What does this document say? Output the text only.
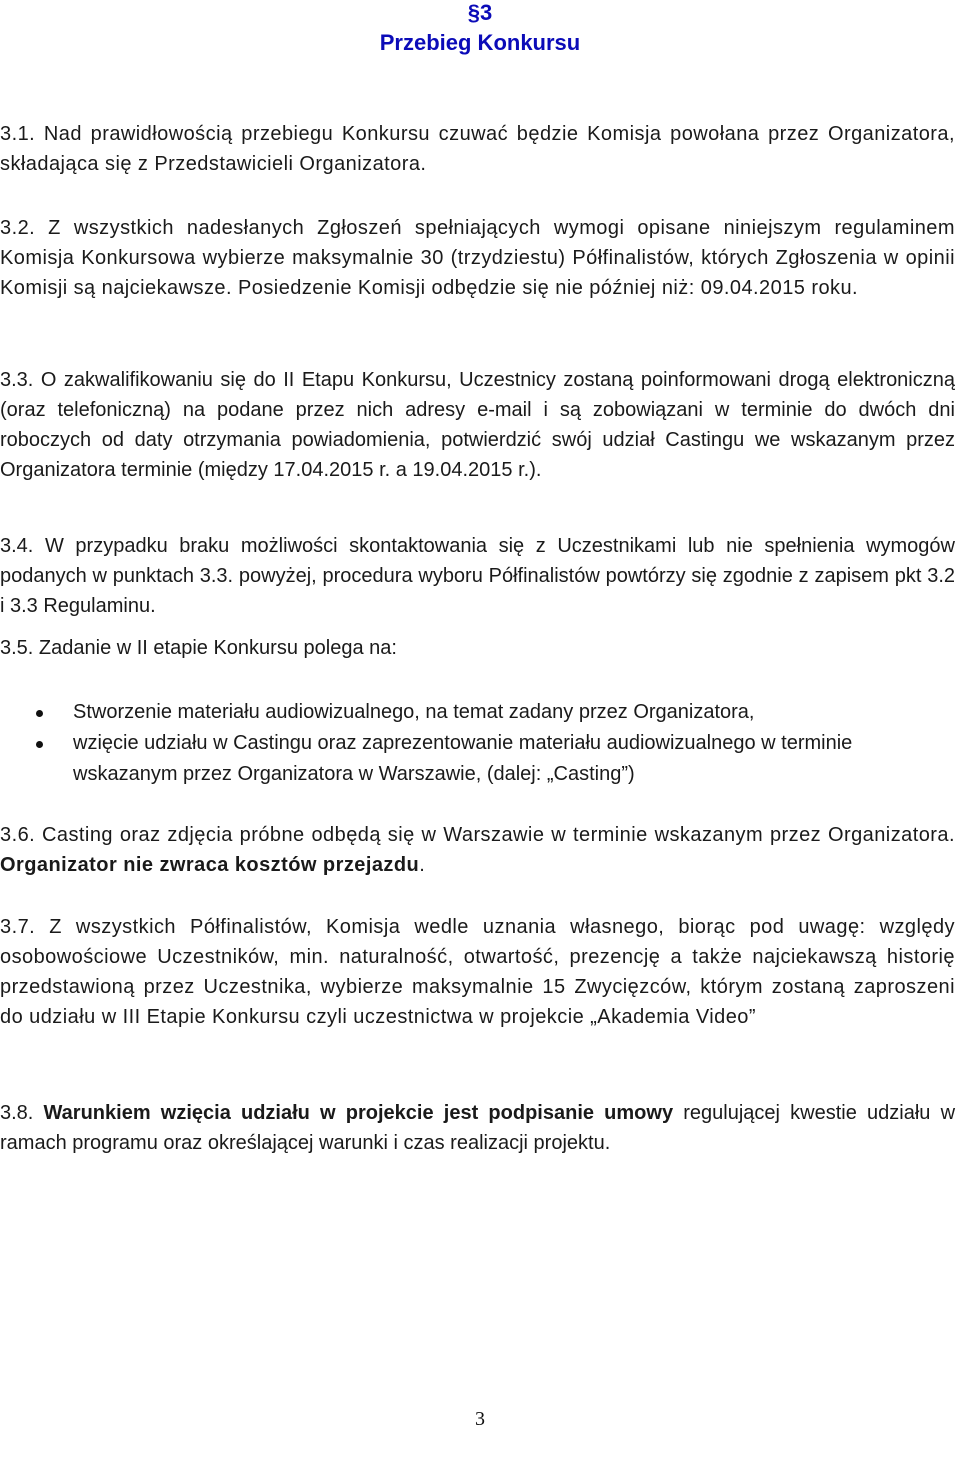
§3
Przebieg Konkursu

3.1. Nad prawidłowością przebiegu Konkursu czuwać będzie Komisja powołana przez Organizatora, składająca się z Przedstawicieli Organizatora.

3.2. Z wszystkich nadesłanych Zgłoszeń spełniających wymogi opisane niniejszym regulaminem Komisja Konkursowa wybierze maksymalnie 30 (trzydziestu) Półfinalistów, których Zgłoszenia w opinii Komisji są najciekawsze. Posiedzenie Komisji odbędzie się nie później niż: 09.04.2015 roku.

3.3. O zakwalifikowaniu się do II Etapu Konkursu, Uczestnicy zostaną poinformowani drogą elektroniczną (oraz telefoniczną) na podane przez nich adresy e-mail i są zobowiązani w terminie do dwóch dni roboczych od daty otrzymania powiadomienia, potwierdzić swój udział Castingu we wskazanym przez Organizatora terminie (między 17.04.2015 r. a 19.04.2015 r.).

3.4. W przypadku braku możliwości skontaktowania się z Uczestnikami lub nie spełnienia wymogów podanych w punktach 3.3. powyżej, procedura wyboru Półfinalistów powtórzy się zgodnie z zapisem pkt 3.2 i 3.3 Regulaminu.

3.5. Zadanie w II etapie Konkursu polega na:

Stworzenie materiału audiowizualnego, na temat zadany przez Organizatora,
wzięcie udziału w Castingu oraz zaprezentowanie materiału audiowizualnego w terminie wskazanym przez Organizatora w Warszawie, (dalej: „Casting”)

3.6. Casting oraz zdjęcia próbne odbędą się w Warszawie w terminie wskazanym przez Organizatora. Organizator nie zwraca kosztów przejazdu.

3.7. Z wszystkich Półfinalistów, Komisja wedle uznania własnego, biorąc pod uwagę: względy osobowościowe Uczestników, min. naturalność, otwartość, prezencję a także najciekawszą historię przedstawioną przez Uczestnika, wybierze maksymalnie 15 Zwycięzców, którym zostaną zaproszeni do udziału w III Etapie Konkursu czyli uczestnictwa w projekcie „Akademia Video”

3.8. Warunkiem wzięcia udziału w projekcie jest podpisanie umowy regulującej kwestie udziału w ramach programu oraz określającej warunki i czas realizacji projektu.

3
